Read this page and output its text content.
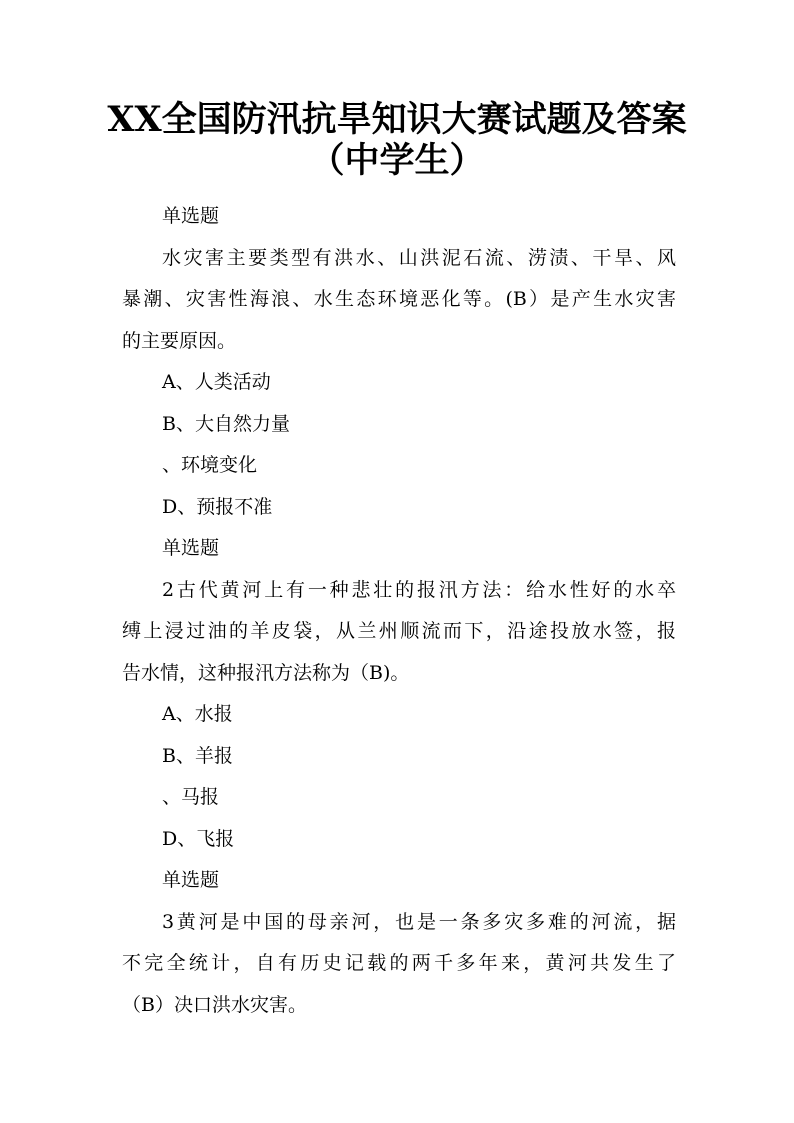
XX全国防汛抗旱知识大赛试题及答案
（中学生）
单选题
水灾害主要类型有洪水、山洪泥石流、涝渍、干旱、风
暴潮、灾害性海浪、水生态环境恶化等。(B）是产生水灾害
的主要原因。
A、人类活动
B、大自然力量
、环境变化
D、预报不准
单选题
2古代黄河上有一种悲壮的报汛方法：给水性好的水卒
缚上浸过油的羊皮袋，从兰州顺流而下，沿途投放水签，报
告水情，这种报汛方法称为（B)。
A、水报
B、羊报
、马报
D、飞报
单选题
3黄河是中国的母亲河，也是一条多灾多难的河流，据
不完全统计，自有历史记载的两千多年来，黄河共发生了
（B）决口洪水灾害。
